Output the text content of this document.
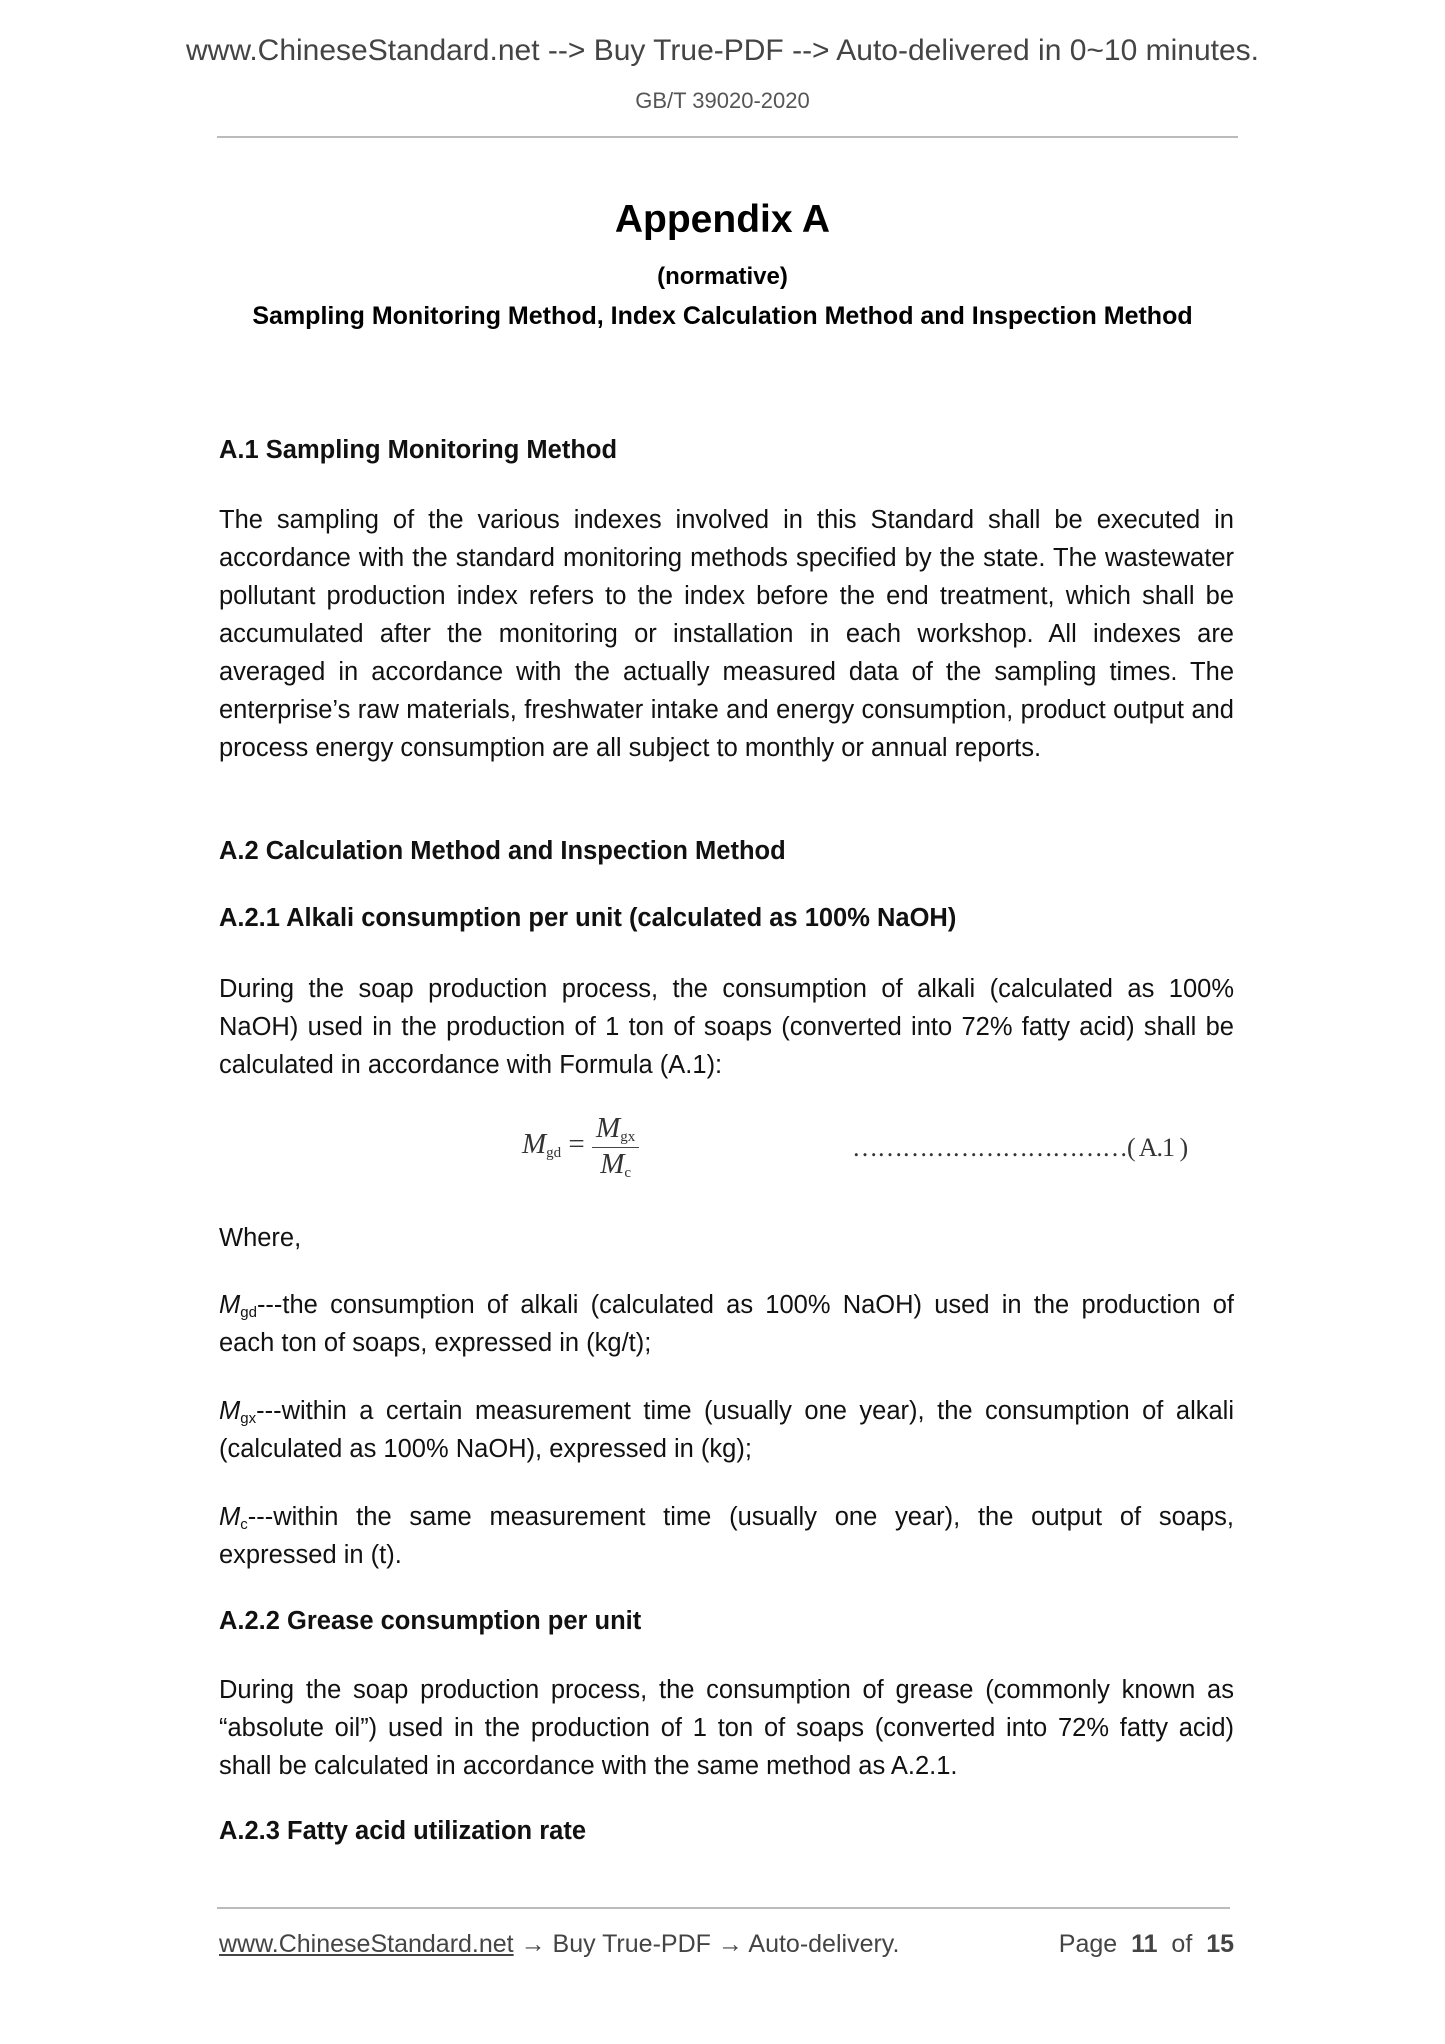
www.ChineseStandard.net --> Buy True-PDF --> Auto-delivered in 0~10 minutes.
GB/T 39020-2020
Appendix A
(normative)
Sampling Monitoring Method, Index Calculation Method and Inspection Method
A.1 Sampling Monitoring Method
The sampling of the various indexes involved in this Standard shall be executed in accordance with the standard monitoring methods specified by the state. The wastewater pollutant production index refers to the index before the end treatment, which shall be accumulated after the monitoring or installation in each workshop. All indexes are averaged in accordance with the actually measured data of the sampling times. The enterprise’s raw materials, freshwater intake and energy consumption, product output and process energy consumption are all subject to monthly or annual reports.
A.2 Calculation Method and Inspection Method
A.2.1 Alkali consumption per unit (calculated as 100% NaOH)
During the soap production process, the consumption of alkali (calculated as 100% NaOH) used in the production of 1 ton of soaps (converted into 72% fatty acid) shall be calculated in accordance with Formula (A.1):
$M_{gd} = \frac{M_{gx}}{M_c}$	……………………………( A.1 )
Where,
$M_{gd}--$-the consumption of alkali (calculated as 100% NaOH) used in the production of each ton of soaps, expressed in (kg/t);
$M_{gx}--$-within a certain measurement time (usually one year), the consumption of alkali (calculated as 100% NaOH), expressed in (kg);
$M_c--$-within the same measurement time (usually one year), the output of soaps, expressed in (t).
A.2.2 Grease consumption per unit
During the soap production process, the consumption of grease (commonly known as “absolute oil”) used in the production of 1 ton of soaps (converted into 72% fatty acid) shall be calculated in accordance with the same method as A.2.1.
A.2.3 Fatty acid utilization rate
www.ChineseStandard.net → Buy True-PDF → Auto-delivery.	Page 11 of 15
